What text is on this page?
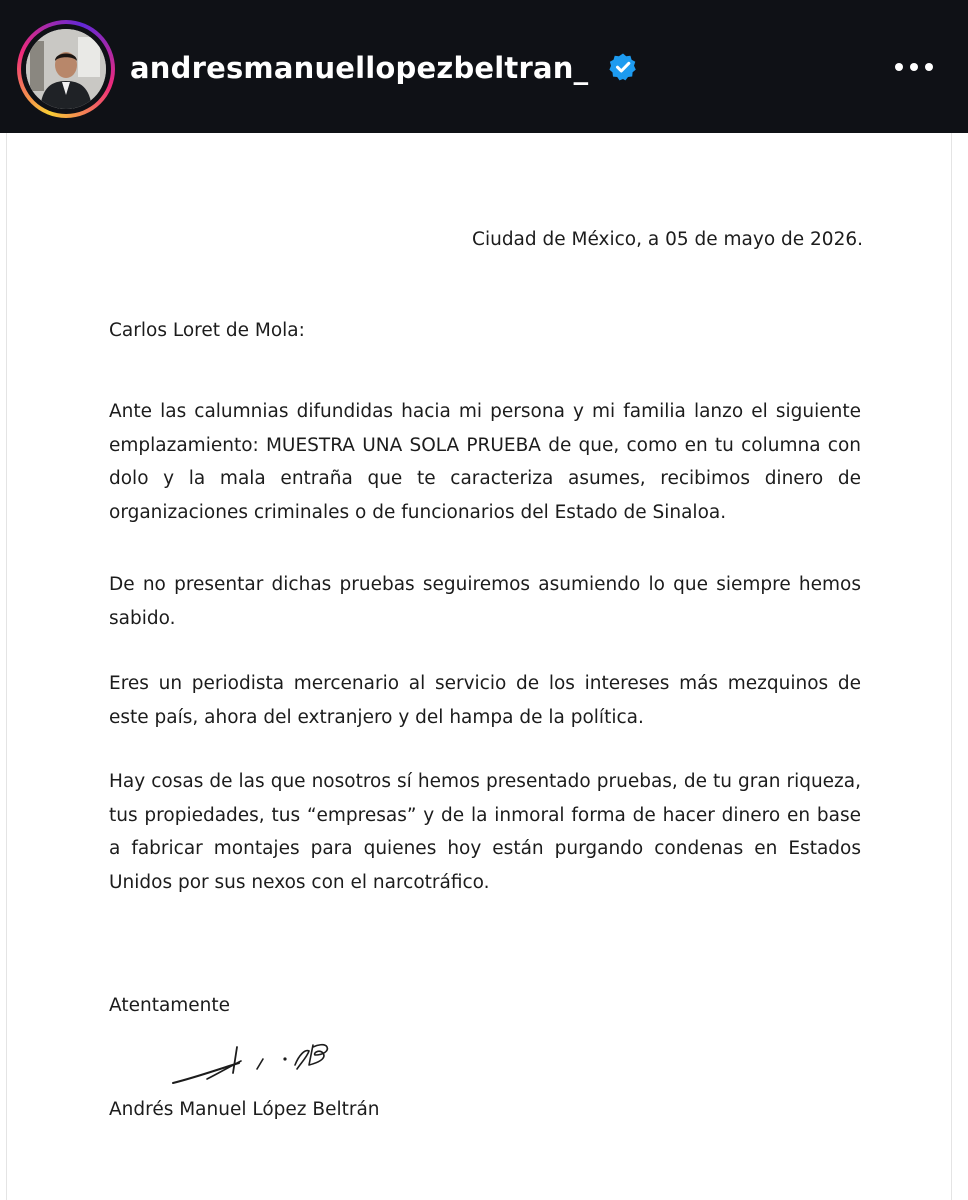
andresmanuellopezbeltran_
Ciudad de México, a 05 de mayo de 2026.
Carlos Loret de Mola:
Ante las calumnias difundidas hacia mi persona y mi familia lanzo el siguiente emplazamiento: MUESTRA UNA SOLA PRUEBA de que, como en tu columna con dolo y la mala entraña que te caracteriza asumes, recibimos dinero de organizaciones criminales o de funcionarios del Estado de Sinaloa.
De no presentar dichas pruebas seguiremos asumiendo lo que siempre hemos sabido.
Eres un periodista mercenario al servicio de los intereses más mezquinos de este país, ahora del extranjero y del hampa de la política.
Hay cosas de las que nosotros sí hemos presentado pruebas, de tu gran riqueza, tus propiedades, tus “empresas” y de la inmoral forma de hacer dinero en base a fabricar montajes para quienes hoy están purgando condenas en Estados Unidos por sus nexos con el narcotráfico.
Atentamente
Andrés Manuel López Beltrán
